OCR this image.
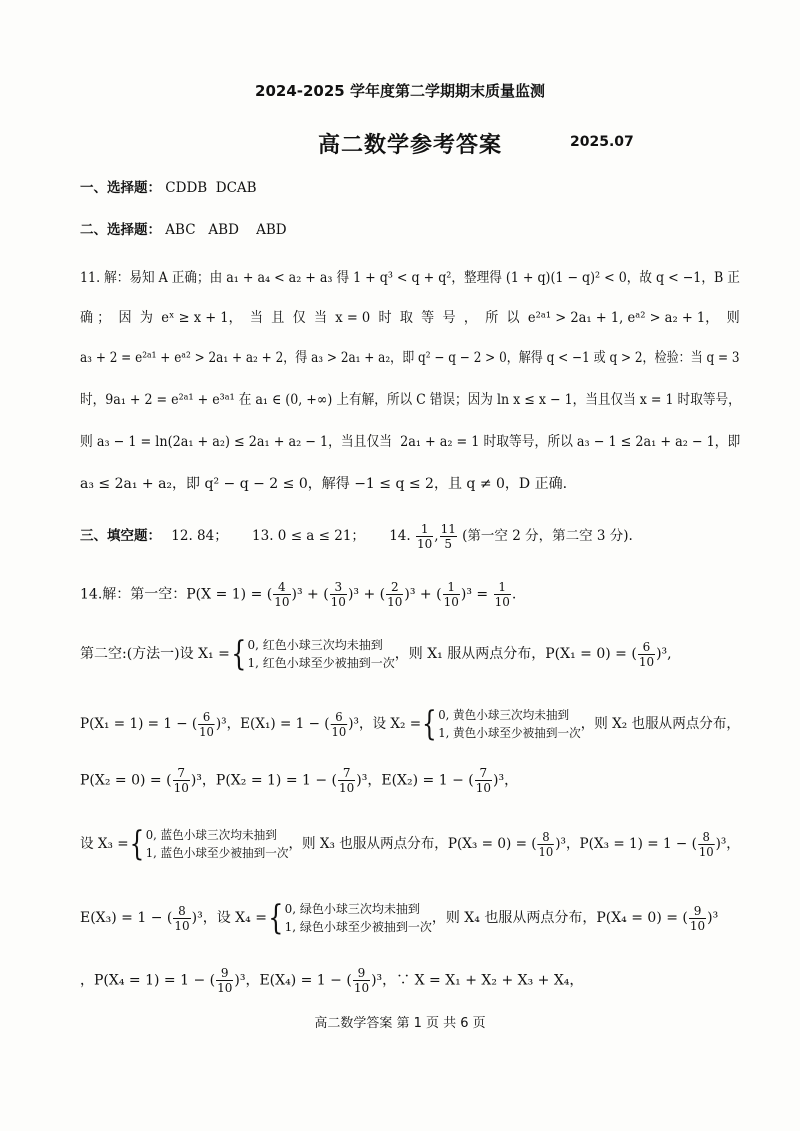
2024-2025 学年度第二学期期末质量监测
高二数学参考答案	2025.07
一、选择题： CDDB  DCAB
二、选择题： ABC   ABD    ABD
11. 解：易知 A 正确；由 a₁ + a₄ < a₂ + a₃ 得 1 + q³ < q + q²，整理得 (1 + q)(1 − q)² < 0，故 q < −1，B 正
确 ；  因  为  eˣ ≥ x + 1，  当  且  仅  当  x = 0  时  取  等  号  ，  所  以  e²ᵃ¹ > 2a₁ + 1, eᵃ² > a₂ + 1，  则
a₃ + 2 = e²ᵃ¹ + eᵃ² > 2a₁ + a₂ + 2，得 a₃ > 2a₁ + a₂，即 q² − q − 2 > 0，解得 q < −1 或 q > 2，检验：当 q = 3
时，9a₁ + 2 = e²ᵃ¹ + e³ᵃ¹ 在 a₁ ∈ (0, +∞) 上有解，所以 C 错误；因为 ln x ≤ x − 1，当且仅当 x = 1 时取等号，
则 a₃ − 1 = ln(2a₁ + a₂) ≤ 2a₁ + a₂ − 1，当且仅当  2a₁ + a₂ = 1 时取等号，所以 a₃ − 1 ≤ 2a₁ + a₂ − 1，即
a₃ ≤ 2a₁ + a₂，即 q² − q − 2 ≤ 0，解得 −1 ≤ q ≤ 2，且 q ≠ 0，D 正确.
三、填空题： 12. 84； 13. 0 ≤ a ≤ 21； 14. $\frac{1}{10}$ , $\frac{11}{5}$ (第一空 2 分，第二空 3 分).
14.解：第一空：P(X = 1) = ( $\frac{4}{10} )^3$ + ( $\frac{3}{10} )^3$ + ( $\frac{2}{10} )^3$ + ( $\frac{1}{10} )^3 = \frac{1}{10}$ .
第二空:(方法一)设 X₁ ={ 0, 红色小球三次均未抽到
1, 红色小球至少被抽到一次
，则 X₁ 服从两点分布，P(X₁ = 0) = ( $\frac{6}{10} )^3$,
P(X₁ = 1) = 1 − ( $\frac{6}{10} )^3$，E(X₁) = 1 − ( $\frac{6}{10} )^3$，设 X₂ ={ 0, 黄色小球三次均未抽到
1, 黄色小球至少被抽到一次
，则 X₂ 也服从两点分布，
P(X₂ = 0) = ( $\frac{7}{10} )^3$，P(X₂ = 1) = 1 − ( $\frac{7}{10} )^3$，E(X₂) = 1 − ( $\frac{7}{10} )^3$，
设 X₃ ={ 0, 蓝色小球三次均未抽到
1, 蓝色小球至少被抽到一次
，则 X₃ 也服从两点分布，P(X₃ = 0) = ( $\frac{8}{10} )^3$，P(X₃ = 1) = 1 − ( $\frac{8}{10} )^3$，
E(X₃) = 1 − ( $\frac{8}{10} )^3$，设 X₄ ={ 0, 绿色小球三次均未抽到
1, 绿色小球至少被抽到一次
，则 X₄ 也服从两点分布，P(X₄ = 0) = ( $\frac{9}{10} )^3$
，P(X₄ = 1) = 1 − ( $\frac{9}{10} )^3$，E(X₄) = 1 − ( $\frac{9}{10} )^3$，∵ X = X₁ + X₂ + X₃ + X₄，
高二数学答案 第 1 页 共 6 页
